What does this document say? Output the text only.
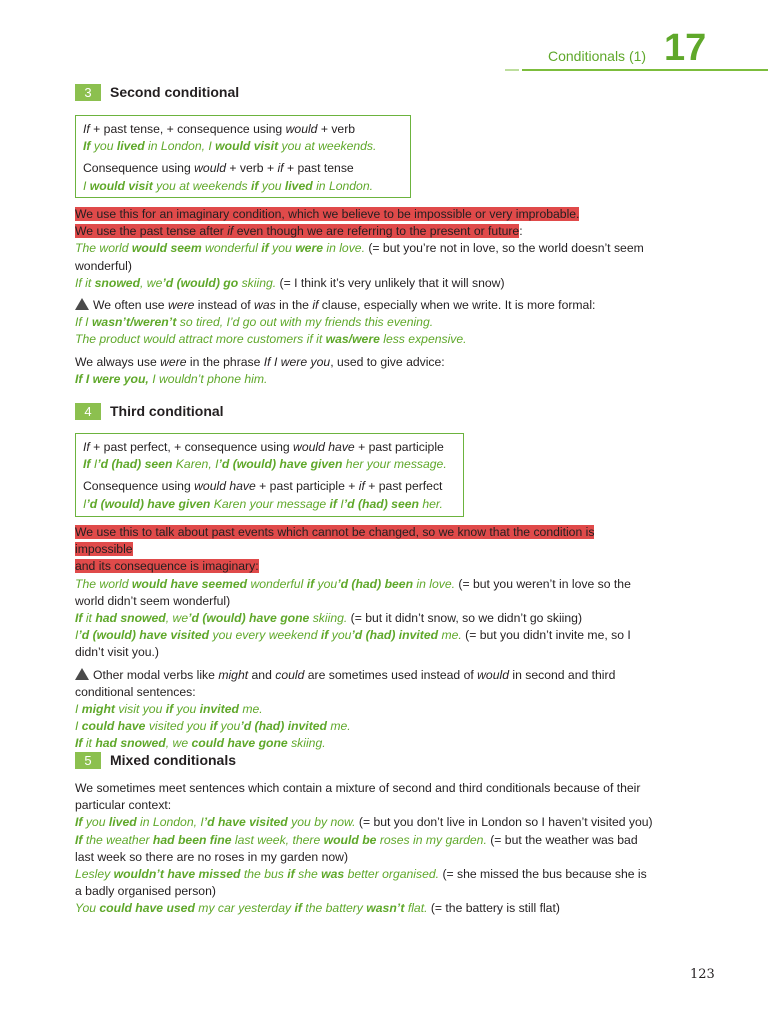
Conditionals (1) 17
3	Second conditional

If + past tense, + consequence using would + verb

If you lived in London, I would visit you at weekends.

Consequence using would + verb + if + past tense

I would visit you at weekends if you lived in London.

We use this for an imaginary condition, which we believe to be impossible or very improbable.

We use the past tense after if even though we are referring to the present or future:

The world would seem wonderful if you were in love. (= but you’re not in love, so the world doesn’t seem wonderful)

If it snowed, we’d (would) go skiing. (= I think it’s very unlikely that it will snow)

We often use were instead of was in the if clause, especially when we write. It is more formal:

If I wasn’t/weren’t so tired, I’d go out with my friends this evening.

The product would attract more customers if it was/were less expensive.

We always use were in the phrase If I were you, used to give advice:

If I were you, I wouldn’t phone him.

4	Third conditional

If + past perfect, + consequence using would have + past participle

If I’d (had) seen Karen, I’d (would) have given her your message.

Consequence using would have + past participle + if + past perfect

I’d (would) have given Karen your message if I’d (had) seen her.

We use this to talk about past events which cannot be changed, so we know that the condition is impossible

and its consequence is imaginary:

The world would have seemed wonderful if you’d (had) been in love. (= but you weren’t in love so the world didn’t seem wonderful)

If it had snowed, we’d (would) have gone skiing. (= but it didn’t snow, so we didn’t go skiing)

I’d (would) have visited you every weekend if you’d (had) invited me. (= but you didn’t invite me, so I didn’t visit you.)

Other modal verbs like might and could are sometimes used instead of would in second and third conditional sentences:

I might visit you if you invited me.

I could have visited you if you’d (had) invited me.

If it had snowed, we could have gone skiing.

5	Mixed conditionals

We sometimes meet sentences which contain a mixture of second and third conditionals because of their particular context:

If you lived in London, I’d have visited you by now. (= but you don’t live in London so I haven’t visited you)

If the weather had been fine last week, there would be roses in my garden. (= but the weather was bad last week so there are no roses in my garden now)

Lesley wouldn’t have missed the bus if she was better organised. (= she missed the bus because she is a badly organised person)

You could have used my car yesterday if the battery wasn’t flat. (= the battery is still flat)

123
